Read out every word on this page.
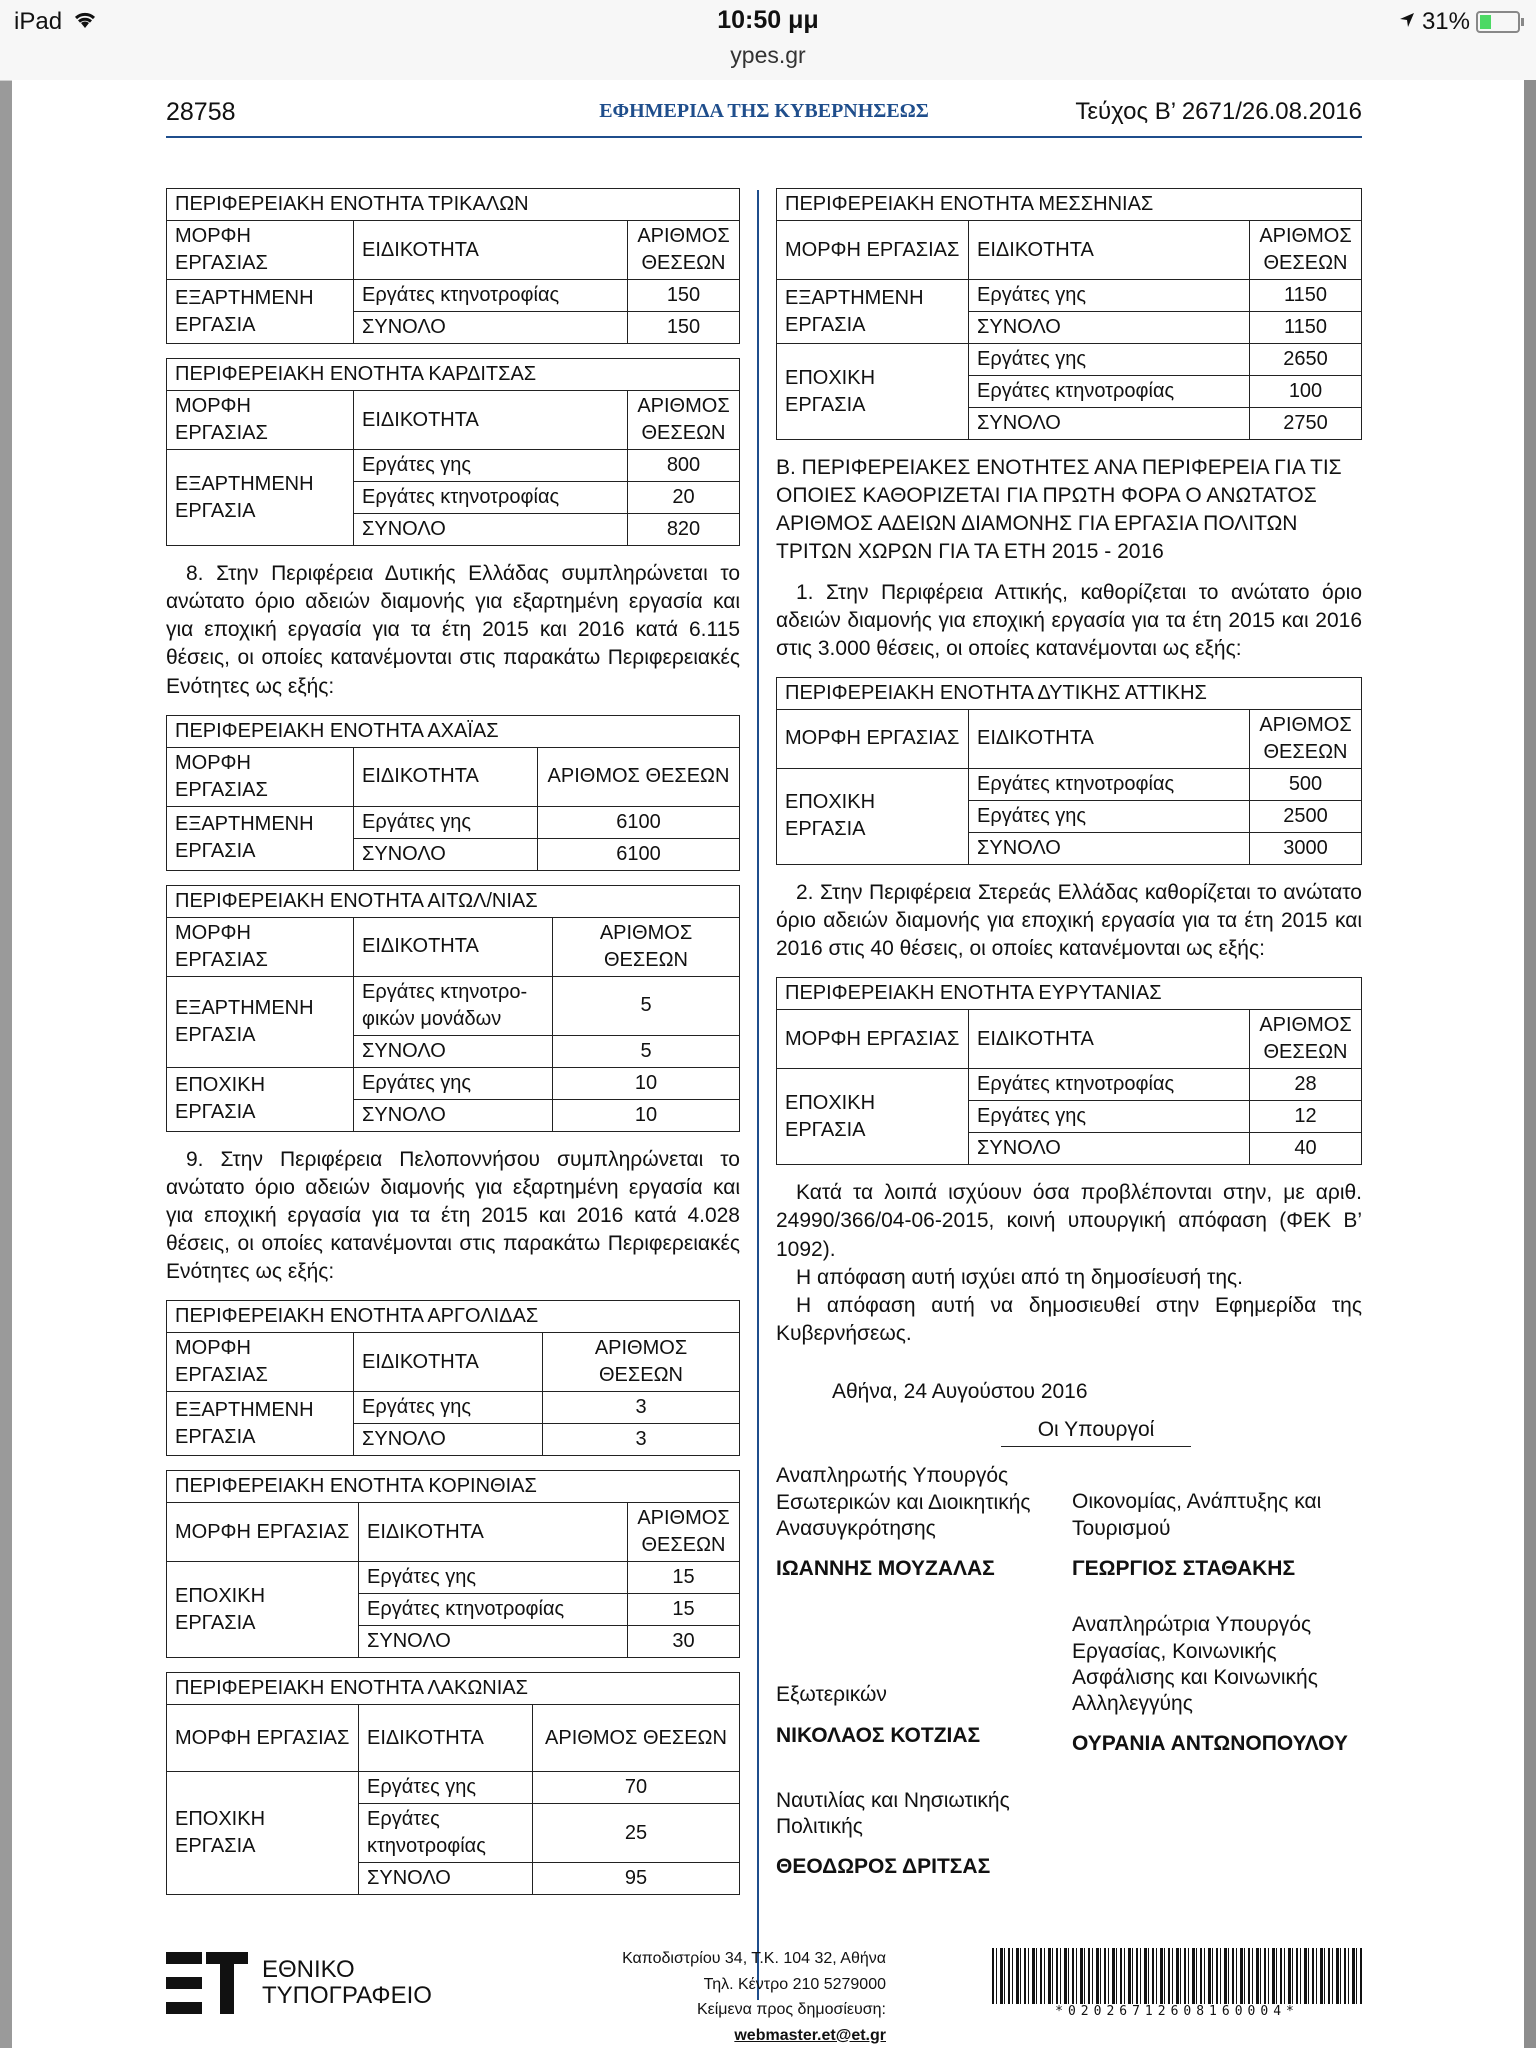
iPad	10:50 μμ
ypes.gr
31%
28758	ΕΦΗΜΕΡΙΔΑ ΤΗΣ ΚΥΒΕΡΝΗΣΕΩΣ	Τεύχος Β’ 2671/26.08.2016
ΠΕΡΙΦΕΡΕΙΑΚΗ ΕΝΟΤΗΤΑ ΤΡΙΚΑΛΩΝ		
ΜΟΡΦΗ ΕΡΓΑΣΙΑΣ	ΕΙΔΙΚΟΤΗΤΑ	ΑΡΙΘΜΟΣ
ΘΕΣΕΩΝ
ΕΞΑΡΤΗΜΕΝΗ
ΕΡΓΑΣΙΑ	Εργάτες κτηνοτροφίας	150
	ΣΥΝΟΛΟ	150
ΠΕΡΙΦΕΡΕΙΑΚΗ ΕΝΟΤΗΤΑ ΚΑΡΔΙΤΣΑΣ		
ΜΟΡΦΗ ΕΡΓΑΣΙΑΣ	ΕΙΔΙΚΟΤΗΤΑ	ΑΡΙΘΜΟΣ
ΘΕΣΕΩΝ
ΕΞΑΡΤΗΜΕΝΗ
ΕΡΓΑΣΙΑ	Εργάτες γης	800
	Εργάτες κτηνοτροφίας	20
	ΣΥΝΟΛΟ	820

8. Στην Περιφέρεια Δυτικής Ελλάδας συμπληρώνεται το ανώτατο όριο αδειών διαμονής για εξαρτημένη εργασία και για εποχική εργασία για τα έτη 2015 και 2016 κατά 6.115 θέσεις, οι οποίες κατανέμονται στις παρακάτω Περιφερειακές Ενότητες ως εξής:

ΠΕΡΙΦΕΡΕΙΑΚΗ ΕΝΟΤΗΤΑ ΑΧΑΪΑΣ		
ΜΟΡΦΗ ΕΡΓΑΣΙΑΣ	ΕΙΔΙΚΟΤΗΤΑ	ΑΡΙΘΜΟΣ ΘΕΣΕΩΝ
ΕΞΑΡΤΗΜΕΝΗ
ΕΡΓΑΣΙΑ	Εργάτες γης	6100
	ΣΥΝΟΛΟ	6100
ΠΕΡΙΦΕΡΕΙΑΚΗ ΕΝΟΤΗΤΑ ΑΙΤΩΛ/ΝΙΑΣ		
ΜΟΡΦΗ ΕΡΓΑΣΙΑΣ	ΕΙΔΙΚΟΤΗΤΑ	ΑΡΙΘΜΟΣ ΘΕΣΕΩΝ
ΕΞΑΡΤΗΜΕΝΗ
ΕΡΓΑΣΙΑ	Εργάτες κτηνοτρο-
φικών μονάδων	5
	ΣΥΝΟΛΟ	5
ΕΠΟΧΙΚΗ ΕΡΓΑΣΙΑ	Εργάτες γης	10
	ΣΥΝΟΛΟ	10

9. Στην Περιφέρεια Πελοποννήσου συμπληρώνεται το ανώτατο όριο αδειών διαμονής για εξαρτημένη εργασία και για εποχική εργασία για τα έτη 2015 και 2016 κατά 4.028 θέσεις, οι οποίες κατανέμονται στις παρακάτω Περιφερειακές Ενότητες ως εξής:

ΠΕΡΙΦΕΡΕΙΑΚΗ ΕΝΟΤΗΤΑ ΑΡΓΟΛΙΔΑΣ		
ΜΟΡΦΗ ΕΡΓΑΣΙΑΣ	ΕΙΔΙΚΟΤΗΤΑ	ΑΡΙΘΜΟΣ ΘΕΣΕΩΝ
ΕΞΑΡΤΗΜΕΝΗ
ΕΡΓΑΣΙΑ	Εργάτες γης	3
	ΣΥΝΟΛΟ	3
ΠΕΡΙΦΕΡΕΙΑΚΗ ΕΝΟΤΗΤΑ ΚΟΡΙΝΘΙΑΣ		
ΜΟΡΦΗ ΕΡΓΑΣΙΑΣ	ΕΙΔΙΚΟΤΗΤΑ	ΑΡΙΘΜΟΣ
ΘΕΣΕΩΝ
ΕΠΟΧΙΚΗ ΕΡΓΑΣΙΑ	Εργάτες γης	15
	Εργάτες κτηνοτροφίας	15
	ΣΥΝΟΛΟ	30
ΠΕΡΙΦΕΡΕΙΑΚΗ ΕΝΟΤΗΤΑ ΛΑΚΩΝΙΑΣ		
ΜΟΡΦΗ ΕΡΓΑΣΙΑΣ	ΕΙΔΙΚΟΤΗΤΑ	ΑΡΙΘΜΟΣ ΘΕΣΕΩΝ
ΕΠΟΧΙΚΗ ΕΡΓΑΣΙΑ	Εργάτες γης	70
	Εργάτες
κτηνοτροφίας	25
	ΣΥΝΟΛΟ	95
ΠΕΡΙΦΕΡΕΙΑΚΗ ΕΝΟΤΗΤΑ ΜΕΣΣΗΝΙΑΣ		
ΜΟΡΦΗ ΕΡΓΑΣΙΑΣ	ΕΙΔΙΚΟΤΗΤΑ	ΑΡΙΘΜΟΣ
ΘΕΣΕΩΝ
ΕΞΑΡΤΗΜΕΝΗ
ΕΡΓΑΣΙΑ	Εργάτες γης	1150
	ΣΥΝΟΛΟ	1150
ΕΠΟΧΙΚΗ ΕΡΓΑΣΙΑ	Εργάτες γης	2650
	Εργάτες κτηνοτροφίας	100
	ΣΥΝΟΛΟ	2750

Β. ΠΕΡΙΦΕΡΕΙΑΚΕΣ ΕΝΟΤΗΤΕΣ ΑΝΑ ΠΕΡΙΦΕΡΕΙΑ ΓΙΑ ΤΙΣ ΟΠΟΙΕΣ ΚΑΘΟΡΙΖΕΤΑΙ ΓΙΑ ΠΡΩΤΗ ΦΟΡΑ Ο ΑΝΩΤΑΤΟΣ ΑΡΙΘΜΟΣ ΑΔΕΙΩΝ ΔΙΑΜΟΝΗΣ ΓΙΑ ΕΡΓΑΣΙΑ ΠΟΛΙΤΩΝ ΤΡΙΤΩΝ ΧΩΡΩΝ ΓΙΑ ΤΑ ΕΤΗ 2015 - 2016

1. Στην Περιφέρεια Αττικής, καθορίζεται το ανώτατο όριο αδειών διαμονής για εποχική εργασία για τα έτη 2015 και 2016 στις 3.000 θέσεις, οι οποίες κατανέμονται ως εξής:

ΠΕΡΙΦΕΡΕΙΑΚΗ ΕΝΟΤΗΤΑ ΔΥΤΙΚΗΣ ΑΤΤΙΚΗΣ		
ΜΟΡΦΗ ΕΡΓΑΣΙΑΣ	ΕΙΔΙΚΟΤΗΤΑ	ΑΡΙΘΜΟΣ
ΘΕΣΕΩΝ
ΕΠΟΧΙΚΗ ΕΡΓΑΣΙΑ	Εργάτες κτηνοτροφίας	500
	Εργάτες γης	2500
	ΣΥΝΟΛΟ	3000

2. Στην Περιφέρεια Στερεάς Ελλάδας καθορίζεται το ανώτατο όριο αδειών διαμονής για εποχική εργασία για τα έτη 2015 και 2016 στις 40 θέσεις, οι οποίες κατανέμονται ως εξής:

ΠΕΡΙΦΕΡΕΙΑΚΗ ΕΝΟΤΗΤΑ ΕΥΡΥΤΑΝΙΑΣ		
ΜΟΡΦΗ ΕΡΓΑΣΙΑΣ	ΕΙΔΙΚΟΤΗΤΑ	ΑΡΙΘΜΟΣ
ΘΕΣΕΩΝ
ΕΠΟΧΙΚΗ ΕΡΓΑΣΙΑ	Εργάτες κτηνοτροφίας	28
	Εργάτες γης	12
	ΣΥΝΟΛΟ	40

Κατά τα λοιπά ισχύουν όσα προβλέπονται στην, με αριθ. 24990/366/04-06-2015, κοινή υπουργική απόφαση (ΦΕΚ Β’ 1092).

Η απόφαση αυτή ισχύει από τη δημοσίευσή της.

Η απόφαση αυτή να δημοσιευθεί στην Εφημερίδα της Κυβερνήσεως.

Αθήνα, 24 Αυγούστου 2016
Οι Υπουργοί
Αναπληρωτής Υπουργός Εσωτερικών και Διοικητικής Ανασυγκρότησης
ΙΩΑΝΝΗΣ ΜΟΥΖΑΛΑΣ
Οικονομίας, Ανάπτυξης και Τουρισμού
ΓΕΩΡΓΙΟΣ ΣΤΑΘΑΚΗΣ
Εξωτερικών
ΝΙΚΟΛΑΟΣ ΚΟΤΖΙΑΣ
Αναπληρώτρια Υπουργός Εργασίας, Κοινωνικής Ασφάλισης και Κοινωνικής Αλληλεγγύης
ΟΥΡΑΝΙΑ ΑΝΤΩΝΟΠΟΥΛΟΥ
Ναυτιλίας και Νησιωτικής Πολιτικής
ΘΕΟΔΩΡΟΣ ΔΡΙΤΣΑΣ
ΕΘΝΙΚΟ
ΤΥΠΟΓΡΑΦΕΙΟ
Καποδιστρίου 34, Τ.Κ. 104 32, Αθήνα
Τηλ. Κέντρο 210 5279000
Κείμενα προς δημοσίευση: webmaster.et@et.gr
*02026712608160004*
